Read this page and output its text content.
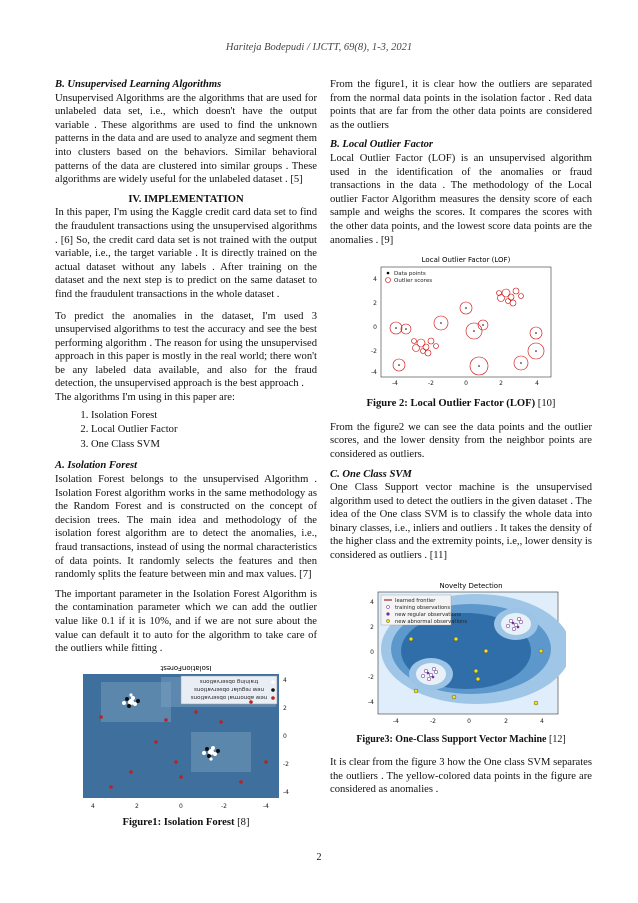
Hariteja Bodepudi / IJCTT, 69(8), 1-3, 2021

B. Unsupervised Learning Algorithms

Unsupervised Algorithms are the algorithms that are used for unlabeled data set, i.e., which doesn't have the output variable . These algorithms are used to find the unknown patterns in the data and are used to analyze and segment them into clusters based on the behaviors. Similar behavioral patterns of the data are clustered into similar groups . These algorithms are widely useful for the unlabeled dataset . [5]

IV. IMPLEMENTATION

In this paper, I'm using the Kaggle credit card data set to find the fraudulent transactions using the unsupervised algorithms . [6] So, the credit card data set is not trained with the output variable, i.e., the target variable . It is directly trained on the actual dataset without any labels . After training on the dataset and the next step is to predict on the same dataset to find the fraudulent transactions in the whole dataset .

To predict the anomalies in the dataset, I'm used 3 unsupervised algorithms to test the accuracy and see the best performing algorithm . The reason for using the unsupervised approach in this paper is mostly in the real world; there won't be any labeled data available, and also for the fraud detection, the unsupervised approach is the best approach .

The algorithms I'm using in this paper are:

1. Isolation Forest
2. Local Outlier Factor
3. One Class SVM

A. Isolation Forest

Isolation Forest belongs to the unsupervised Algorithm . Isolation Forest algorithm works in the same methodology as the Random Forest and is constructed on the concept of decision trees. The main idea and methodology of the isolation forest algorithm are to detect the anomalies, i.e., fraud transactions, instead of using the normal characteristics of data points. It randomly selects the features and then randomly splits the feature between min and max values. [7]

The important parameter in the Isolation Forest Algorithm is the contamination parameter which we can add the outlier value like 0.1 if it is 10%, and if we are not sure about the value can default it to auto for the algorithm to take care of the outliers while fitting .

IsolationForest
training observations
new regular observations
new abnormal observations
4	2	0	-2	-4
4
2
0
-2
-4

Figure1: Isolation Forest [8]

From the figure1, it is clear how the outliers are separated from the normal data points in the isolation factor . Red data points that are far from the other data points are considered as the outliers

B. Local Outlier Factor

Local Outlier Factor (LOF) is an unsupervised algorithm used in the identification of the anomalies or fraud transactions in the data . The methodology of the Local outlier Factor Algorithm measures the density score of each sample and weighs the scores. It compares the scores with the other data points, and the lowest score data points are the anomalies . [9]

Local Outlier Factor (LOF)
Data points
Outlier scores
-4	-2	0	2	4
4
2
0
-2
-4

Figure 2: Local Outlier Factor (LOF) [10]

From the figure2 we can see the data points and the outlier scores, and the lower density from the neighbor points are considered as outliers.

C. One Class SVM

One Class Support vector machine is the unsupervised algorithm used to detect the outliers in the given dataset . The idea of the One class SVM is to classify the whole data into binary classes, i.e., inliers and outliers . It takes the density of the higher class and the extremity points, i.e,, lower density is considered as outliers . [11]

Novelty Detection
learned frontier
training observations
new regular observations
new abnormal observations
-4	-2	0	2	4
4
2
0
-2
-4

Figure3: One-Class Support Vector Machine [12]

It is clear from the figure 3 how the One class SVM separates the outliers . The yellow-colored data points in the figure are considered as anomalies .

2
